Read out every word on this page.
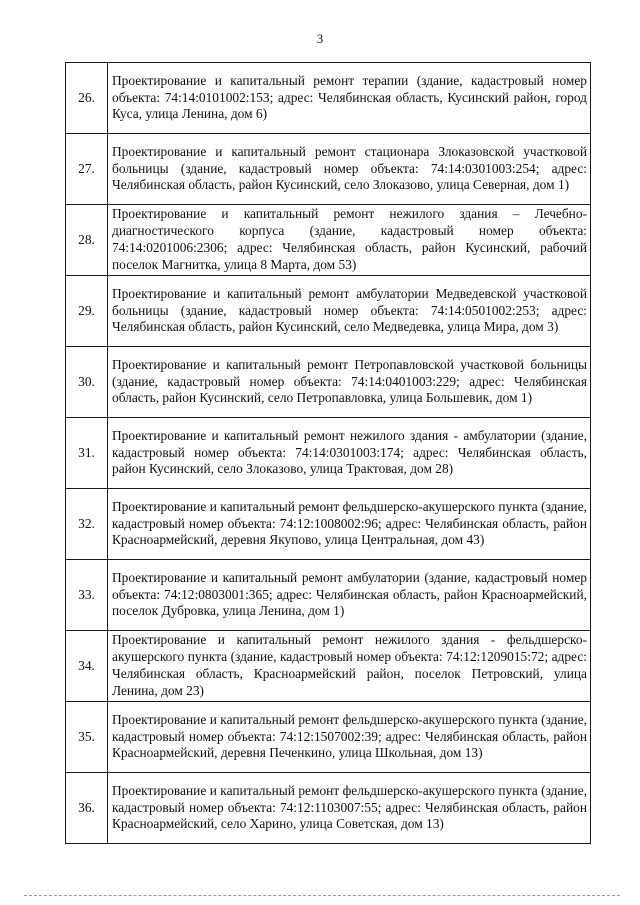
3
26.	Проектирование и капитальный ремонт терапии (здание, кадастровый номер объекта: 74:14:0101002:153; адрес: Челябинская область, Кусинский район, город Куса, улица Ленина, дом 6)
27.	Проектирование и капитальный ремонт стационара Злоказовской участковой больницы (здание, кадастровый номер объекта: 74:14:0301003:254; адрес: Челябинская область, район Кусинский, село Злоказово, улица Северная, дом 1)
28.	Проектирование и капитальный ремонт нежилого здания – Лечебно-диагностического корпуса (здание, кадастровый номер объекта: 74:14:0201006:2306; адрес: Челябинская область, район Кусинский, рабочий поселок Магнитка, улица 8 Марта, дом 53)
29.	Проектирование и капитальный ремонт амбулатории Медведевской участковой больницы (здание, кадастровый номер объекта: 74:14:0501002:253; адрес: Челябинская область, район Кусинский, село Медведевка, улица Мира, дом 3)
30.	Проектирование и капитальный ремонт Петропавловской участковой больницы (здание, кадастровый номер объекта: 74:14:0401003:229; адрес: Челябинская область, район Кусинский, село Петропавловка, улица Большевик, дом 1)
31.	Проектирование и капитальный ремонт нежилого здания - амбулатории (здание, кадастровый номер объекта: 74:14:0301003:174; адрес: Челябинская область, район Кусинский, село Злоказово, улица Трактовая, дом 28)
32.	Проектирование и капитальный ремонт фельдшерско-акушерского пункта (здание, кадастровый номер объекта: 74:12:1008002:96; адрес: Челябинская область, район Красноармейский, деревня Якупово, улица Центральная, дом 43)
33.	Проектирование и капитальный ремонт амбулатории (здание, кадастровый номер объекта: 74:12:0803001:365; адрес: Челябинская область, район Красноармейский, поселок Дубровка, улица Ленина, дом 1)
34.	Проектирование и капитальный ремонт нежилого здания - фельдшерско-акушерского пункта (здание, кадастровый номер объекта: 74:12:1209015:72; адрес: Челябинская область, Красноармейский район, поселок Петровский, улица Ленина, дом 23)
35.	Проектирование и капитальный ремонт фельдшерско-акушерского пункта (здание, кадастровый номер объекта: 74:12:1507002:39; адрес: Челябинская область, район Красноармейский, деревня Печенкино, улица Школьная, дом 13)
36.	Проектирование и капитальный ремонт фельдшерско-акушерского пункта (здание, кадастровый номер объекта: 74:12:1103007:55; адрес: Челябинская область, район Красноармейский, село Харино, улица Советская, дом 13)
